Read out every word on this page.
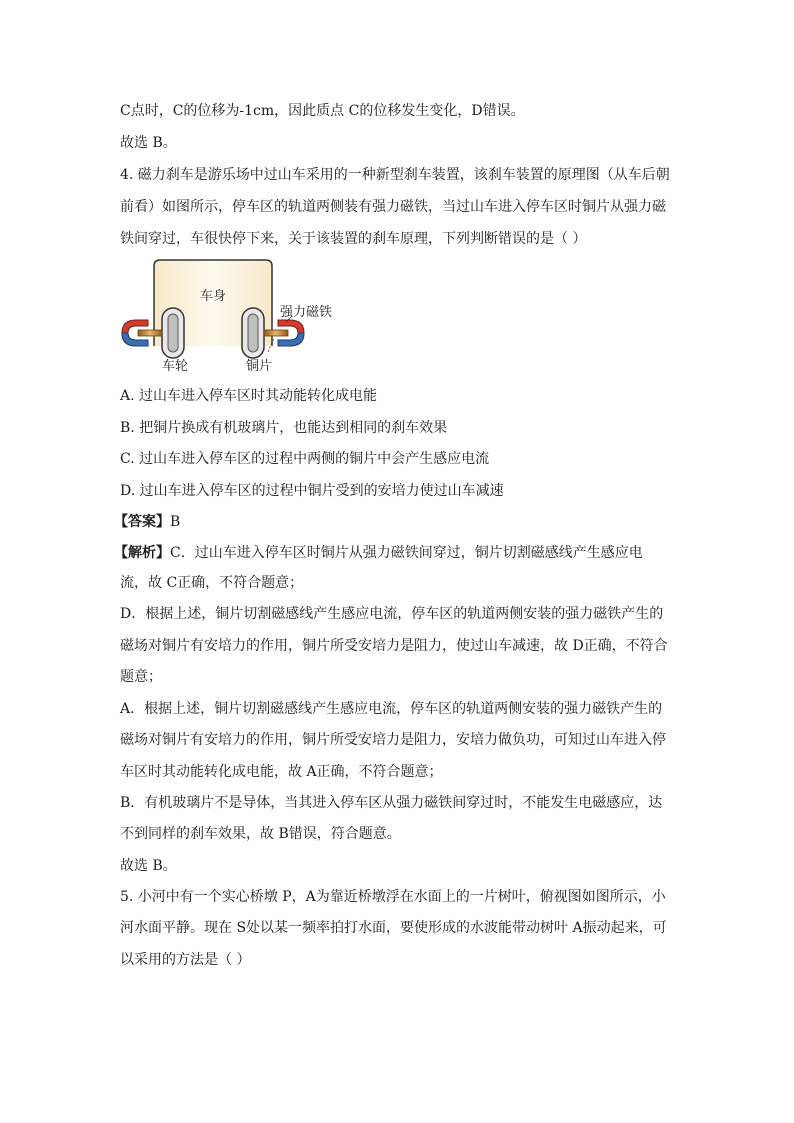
C点时，C的位移为-1cm，因此质点 C的位移发生变化，D错误。
故选 B。
4. 磁力刹车是游乐场中过山车采用的一种新型刹车装置，该刹车装置的原理图（从车后朝
前看）如图所示，停车区的轨道两侧装有强力磁铁，当过山车进入停车区时铜片从强力磁
铁间穿过，车很快停下来，关于该装置的刹车原理，下列判断错误的是（ ）
车身
强力磁铁
车轮	铜片
A. 过山车进入停车区时其动能转化成电能
B. 把铜片换成有机玻璃片，也能达到相同的刹车效果
C. 过山车进入停车区的过程中两侧的铜片中会产生感应电流
D. 过山车进入停车区的过程中铜片受到的安培力使过山车减速
【答案】B
【解析】C．过山车进入停车区时铜片从强力磁铁间穿过，铜片切割磁感线产生感应电
流，故 C正确，不符合题意；
D．根据上述，铜片切割磁感线产生感应电流，停车区的轨道两侧安装的强力磁铁产生的
磁场对铜片有安培力的作用，铜片所受安培力是阻力，使过山车减速，故 D正确，不符合
题意；
A．根据上述，铜片切割磁感线产生感应电流，停车区的轨道两侧安装的强力磁铁产生的
磁场对铜片有安培力的作用，铜片所受安培力是阻力，安培力做负功，可知过山车进入停
车区时其动能转化成电能，故 A正确，不符合题意；
B．有机玻璃片不是导体，当其进入停车区从强力磁铁间穿过时，不能发生电磁感应，达
不到同样的刹车效果，故 B错误，符合题意。
故选 B。
5. 小河中有一个实心桥墩 P，A为靠近桥墩浮在水面上的一片树叶，俯视图如图所示，小
河水面平静。现在 S处以某一频率拍打水面，要使形成的水波能带动树叶 A振动起来，可
以采用的方法是（ ）
